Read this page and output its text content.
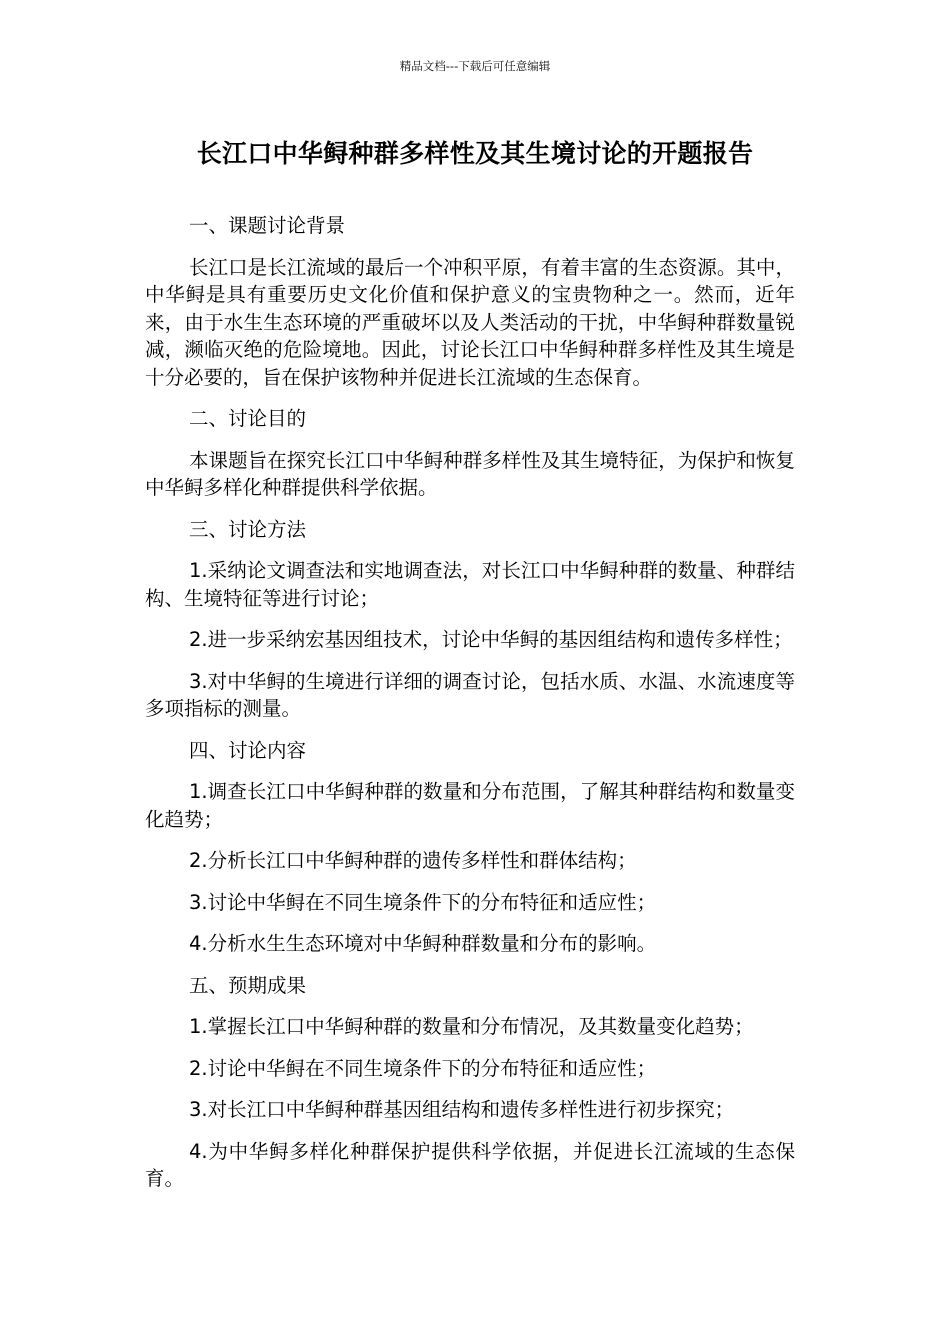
精品文档---下载后可任意编辑
长江口中华鲟种群多样性及其生境讨论的开题报告

一、课题讨论背景

长江口是长江流域的最后一个冲积平原，有着丰富的生态资源。其中，中华鲟是具有重要历史文化价值和保护意义的宝贵物种之一。然而，近年来，由于水生生态环境的严重破坏以及人类活动的干扰，中华鲟种群数量锐减，濒临灭绝的危险境地。因此，讨论长江口中华鲟种群多样性及其生境是十分必要的，旨在保护该物种并促进长江流域的生态保育。

二、讨论目的

本课题旨在探究长江口中华鲟种群多样性及其生境特征，为保护和恢复中华鲟多样化种群提供科学依据。

三、讨论方法

1.采纳论文调查法和实地调查法，对长江口中华鲟种群的数量、种群结构、生境特征等进行讨论；

2.进一步采纳宏基因组技术，讨论中华鲟的基因组结构和遗传多样性；

3.对中华鲟的生境进行详细的调查讨论，包括水质、水温、水流速度等多项指标的测量。

四、讨论内容

1.调查长江口中华鲟种群的数量和分布范围，了解其种群结构和数量变化趋势；

2.分析长江口中华鲟种群的遗传多样性和群体结构；

3.讨论中华鲟在不同生境条件下的分布特征和适应性；

4.分析水生生态环境对中华鲟种群数量和分布的影响。

五、预期成果

1.掌握长江口中华鲟种群的数量和分布情况，及其数量变化趋势；

2.讨论中华鲟在不同生境条件下的分布特征和适应性；

3.对长江口中华鲟种群基因组结构和遗传多样性进行初步探究；

4.为中华鲟多样化种群保护提供科学依据，并促进长江流域的生态保育。
